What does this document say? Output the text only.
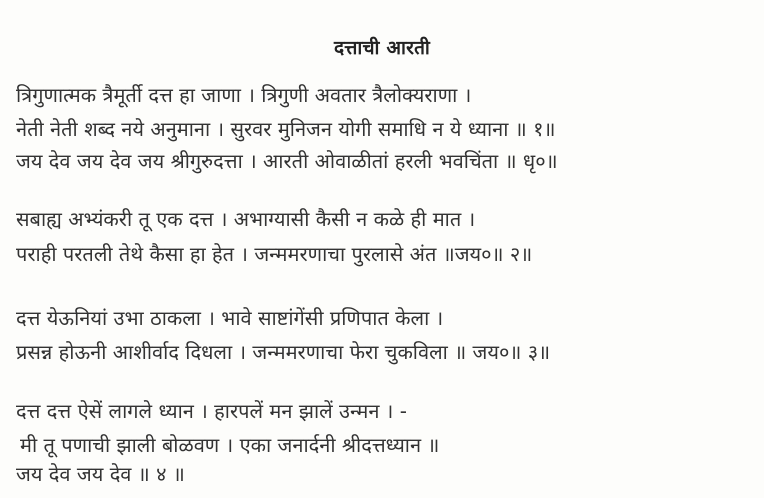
दत्ताची आरती
त्रिगुणात्मक त्रैमूर्ती दत्त हा जाणा । त्रिगुणी अवतार त्रैलोक्यराणा ।
नेती नेती शब्द नये अनुमाना । सुरवर मुनिजन योगी समाधि न ये ध्याना ॥ १॥
जय देव जय देव जय श्रीगुरुदत्ता । आरती ओवाळीतां हरली भवचिंता ॥ धृ०॥
सबाह्य अभ्यंकरी तू एक दत्त । अभाग्यासी कैसी न कळे ही मात ।
पराही परतली तेथे कैसा हा हेत । जन्ममरणाचा पुरलासे अंत ॥जय०॥ २॥
दत्त येऊनियां उभा ठाकला । भावे साष्टांगेंसी प्रणिपात केला ।
प्रसन्न होऊनी आशीर्वाद दिधला । जन्ममरणाचा फेरा चुकविला ॥ जय०॥ ३॥
दत्त दत्त ऐसें लागले ध्यान । हारपलें मन झालें उन्मन । -
मी तू पणाची झाली बोळवण । एका जनार्दनी श्रीदत्तध्यान ॥
जय देव जय देव ॥ ४ ॥
